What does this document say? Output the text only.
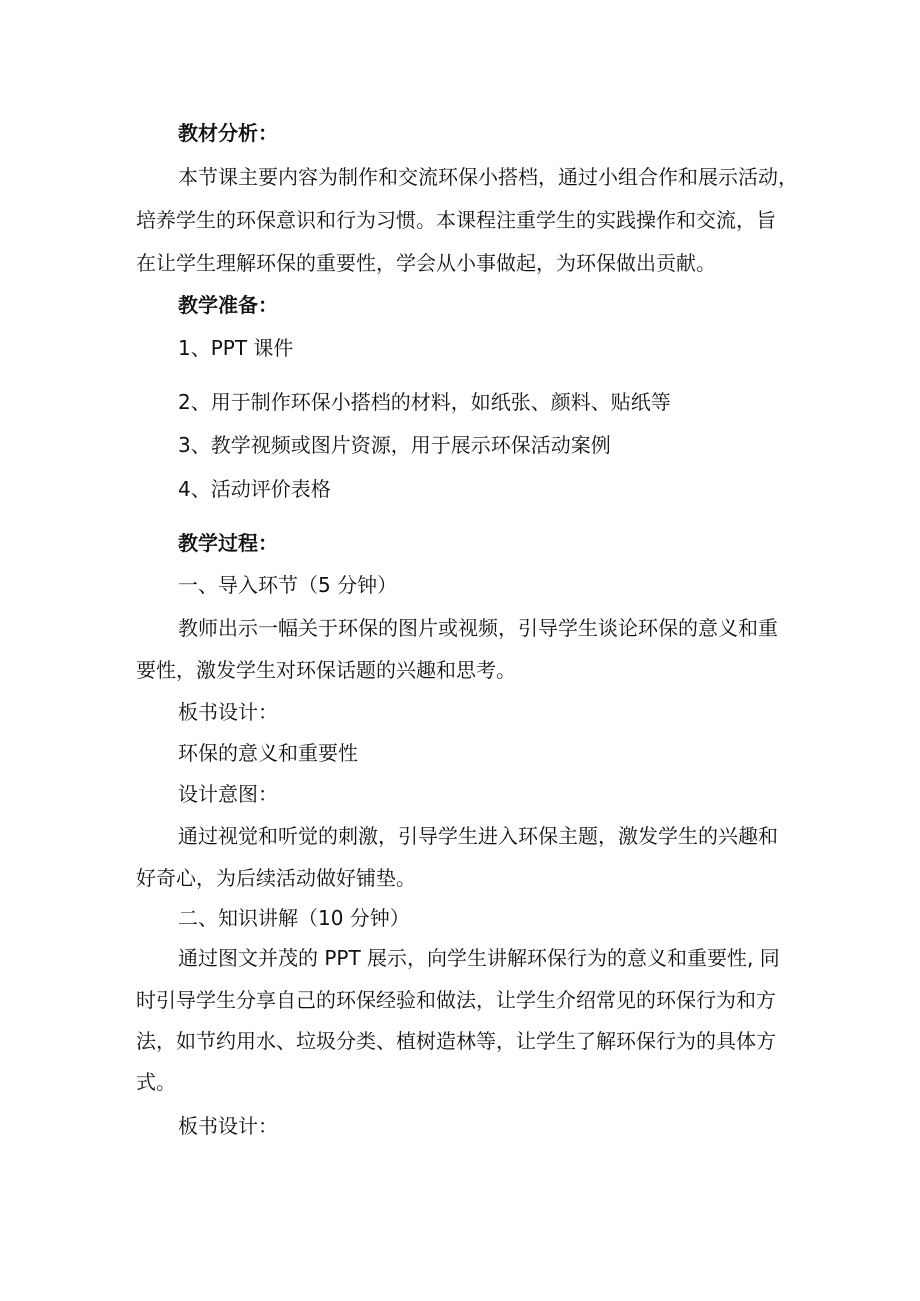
教材分析：
本节课主要内容为制作和交流环保小搭档，通过小组合作和展示活动，
培养学生的环保意识和行为习惯。本课程注重学生的实践操作和交流，旨
在让学生理解环保的重要性，学会从小事做起，为环保做出贡献。
教学准备：
1、PPT 课件
2、用于制作环保小搭档的材料，如纸张、颜料、贴纸等
3、教学视频或图片资源，用于展示环保活动案例
4、活动评价表格
教学过程：
一、导入环节（5 分钟）
教师出示一幅关于环保的图片或视频，引导学生谈论环保的意义和重
要性，激发学生对环保话题的兴趣和思考。
板书设计：
环保的意义和重要性
设计意图：
通过视觉和听觉的刺激，引导学生进入环保主题，激发学生的兴趣和
好奇心，为后续活动做好铺垫。
二、知识讲解（10 分钟）
通过图文并茂的 PPT 展示，向学生讲解环保行为的意义和重要性, 同
时引导学生分享自己的环保经验和做法，让学生介绍常见的环保行为和方
法，如节约用水、垃圾分类、植树造林等，让学生了解环保行为的具体方
式。
板书设计：
